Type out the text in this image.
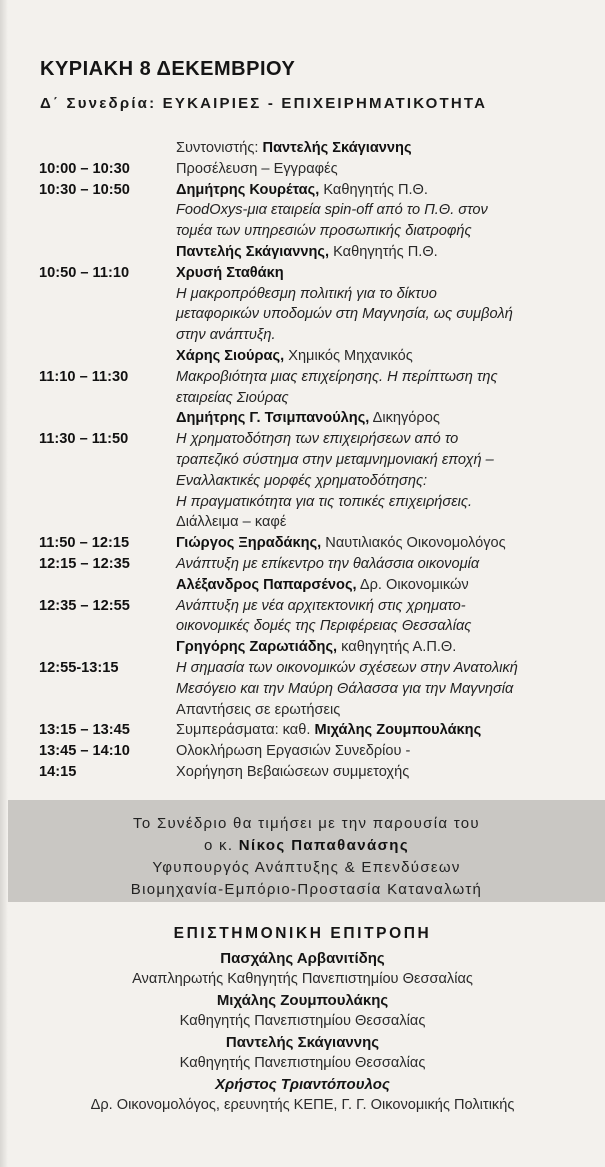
ΚΥΡΙΑΚΗ 8 ΔΕΚΕΜΒΡΙΟΥ
Δ΄ Συνεδρία: ΕΥΚΑΙΡΙΕΣ - ΕΠΙΧΕΙΡΗΜΑΤΙΚΟΤΗΤΑ
Συντονιστής: Παντελής Σκάγιαννης
10:00 – 10:30	Προσέλευση – Εγγραφές
10:30 – 10:50	Δημήτρης Κουρέτας, Καθηγητής Π.Θ.
FoodOxys-μια εταιρεία spin-off από το Π.Θ. στον
τομέα των υπηρεσιών προσωπικής διατροφής
Παντελής Σκάγιαννης, Καθηγητής Π.Θ.
10:50 – 11:10	Χρυσή Σταθάκη
Η μακροπρόθεσμη πολιτική για το δίκτυο
μεταφορικών υποδομών στη Μαγνησία, ως συμβολή
στην ανάπτυξη.
Χάρης Σιούρας, Χημικός Μηχανικός
11:10 – 11:30	Μακροβιότητα μιας επιχείρησης. Η περίπτωση της
εταιρείας Σιούρας
Δημήτρης Γ. Τσιμπανούλης, Δικηγόρος
11:30 – 11:50	Η χρηματοδότηση των επιχειρήσεων από το
τραπεζικό σύστημα στην μεταμνημονιακή εποχή –
Εναλλακτικές μορφές χρηματοδότησης:
Η πραγματικότητα για τις τοπικές επιχειρήσεις.
Διάλλειμα – καφέ
11:50 – 12:15	Γιώργος Ξηραδάκης, Ναυτιλιακός Οικονομολόγος
12:15 – 12:35	Ανάπτυξη με επίκεντρο την θαλάσσια οικονομία
Αλέξανδρος Παπαρσένος, Δρ. Οικονομικών
12:35 – 12:55	Ανάπτυξη με νέα αρχιτεκτονική στις χρηματο-
οικονομικές δομές της Περιφέρειας Θεσσαλίας
Γρηγόρης Ζαρωτιάδης, καθηγητής Α.Π.Θ.
12:55-13:15	Η σημασία των οικονομικών σχέσεων στην Ανατολική
Μεσόγειο και την Μαύρη Θάλασσα για την Μαγνησία
Απαντήσεις σε ερωτήσεις
13:15 – 13:45	Συμπεράσματα: καθ. Μιχάλης Ζουμπουλάκης
13:45 – 14:10	Ολοκλήρωση Εργασιών Συνεδρίου -
14:15	Χορήγηση Βεβαιώσεων συμμετοχής
Το Συνέδριο θα τιμήσει με την παρουσία του
ο κ. Νίκος Παπαθανάσης
Υφυπουργός Ανάπτυξης & Επενδύσεων
Βιομηχανία-Εμπόριο-Προστασία Καταναλωτή
ΕΠΙΣΤΗΜΟΝΙΚΗ ΕΠΙΤΡΟΠΗ
Πασχάλης Αρβανιτίδης
Αναπληρωτής Καθηγητής Πανεπιστημίου Θεσσαλίας
Μιχάλης Ζουμπουλάκης
Καθηγητής Πανεπιστημίου Θεσσαλίας
Παντελής Σκάγιαννης
Καθηγητής Πανεπιστημίου Θεσσαλίας
Χρήστος Τριαντόπουλος
Δρ. Οικονομολόγος, ερευνητής ΚΕΠΕ, Γ. Γ. Οικονομικής Πολιτικής
